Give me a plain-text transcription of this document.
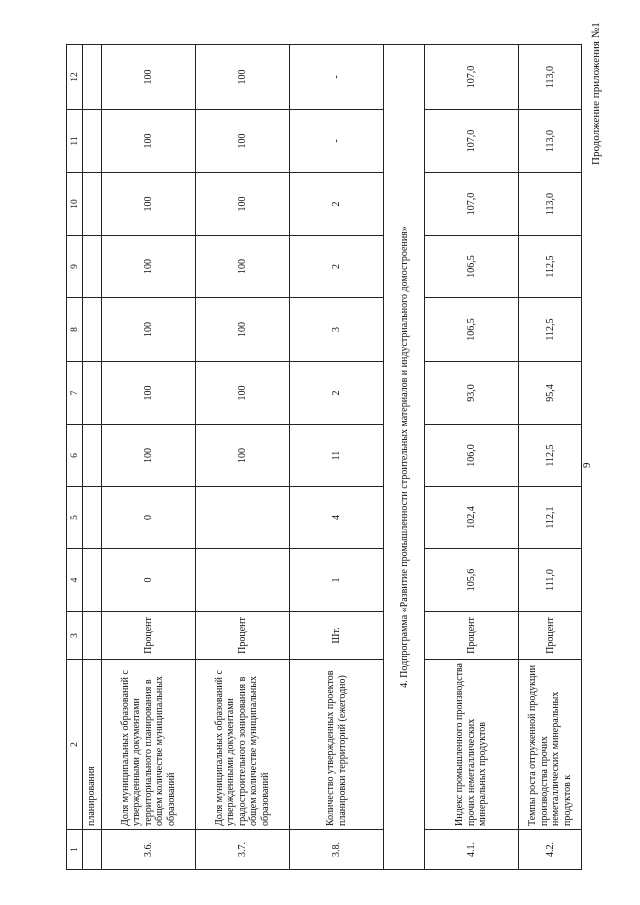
9
Продолжение приложения №1
1	2	3	4	5	6	7	8	9	10	11	12
	планирования										
3.6.	Доля муниципальных образований с утвержденными документами территориального планирования в общем количестве муниципальных образований	Процент	0	0	100	100	100	100	100	100	100
3.7.	Доля муниципальных образований с утвержденными документами градостроительного зонирования в общем количестве муниципальных образований	Процент			100	100	100	100	100	100	100
3.8.	Количество утвержденных проектов планировки территорий (ежегодно)	Шт.	1	4	11	2	3	2	2	-	-
4. Подпрограмма «Развитие промышленности строительных материалов и индустриального домостроения»											
4.1.	Индекс промышленного производства прочих неметаллических минеральных продуктов	Процент	105,6	102,4	106,0	93,0	106,5	106,5	107,0	107,0	107,0
4.2.	Темпы роста отгруженной продукции производства прочих неметаллических минеральных продуктов к	Процент	111,0	112,1	112,5	95,4	112,5	112,5	113,0	113,0	113,0
